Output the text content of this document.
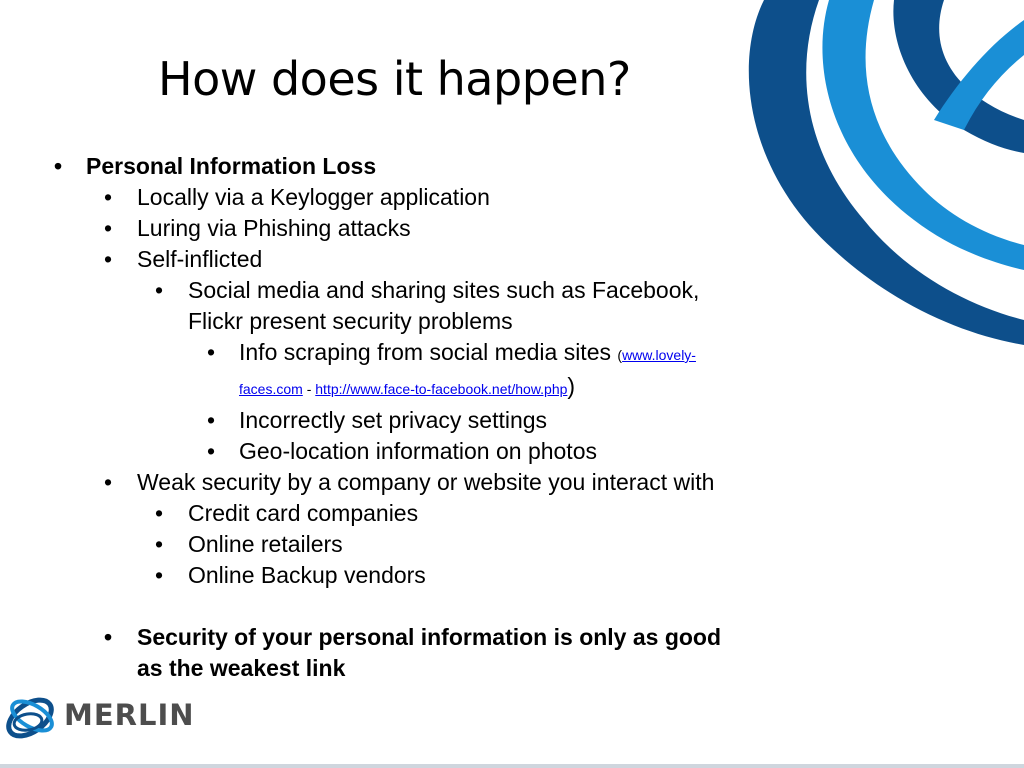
How does it happen?
• Personal Information Loss
• Locally via a Keylogger application
• Luring via Phishing attacks
• Self-inflicted
• Social media and sharing sites such as Facebook,
Flickr present security problems
• Info scraping from social media sites (www.lovely-
faces.com - http://www.face-to-facebook.net/how.php)
• Incorrectly set privacy settings
• Geo-location information on photos
• Weak security by a company or website you interact with
• Credit card companies
• Online retailers
• Online Backup vendors
• Security of your personal information is only as good
as the weakest link
MERLIN
